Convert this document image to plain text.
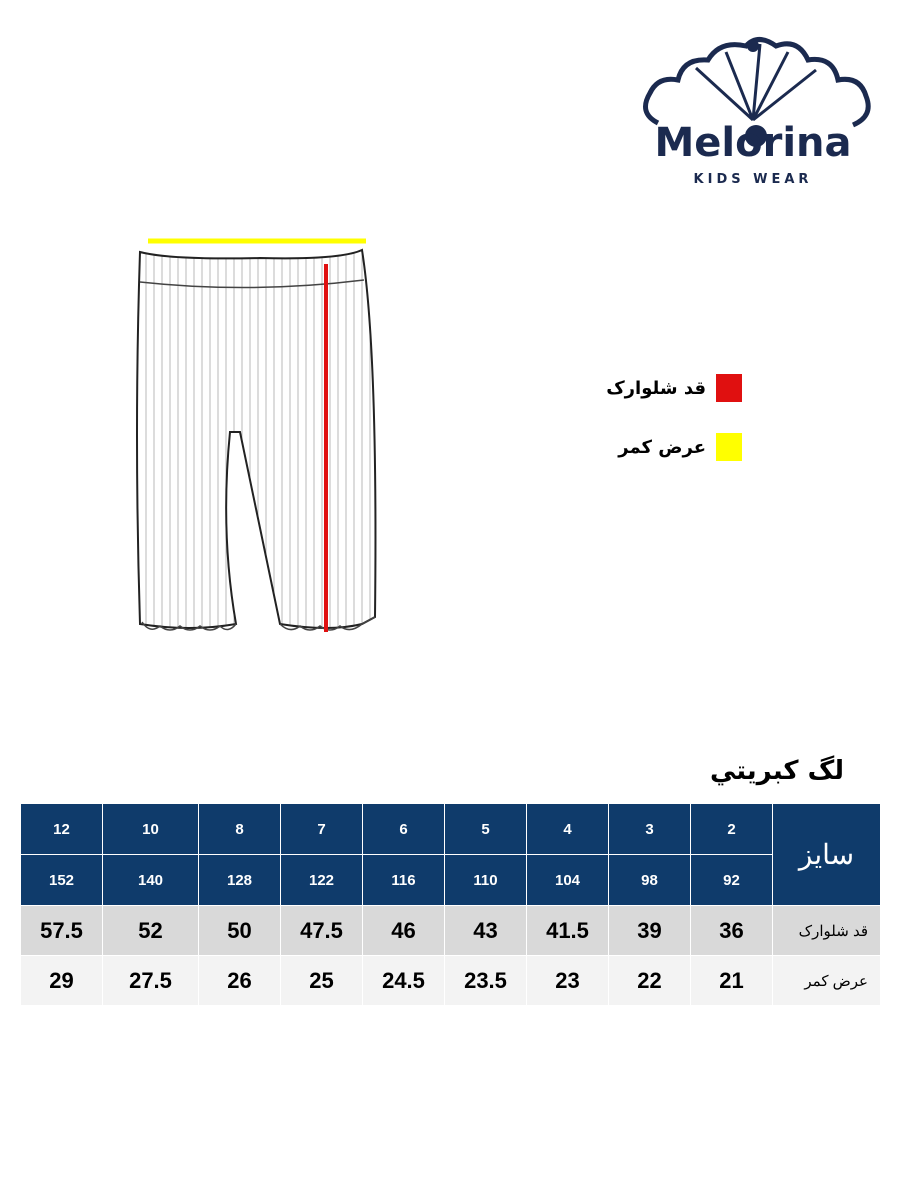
Melorina
KIDS WEAR
قد شلوارک
عرض کمر
لگ كبريتي
12	10	8	7	6	5	4	3	2	سایز
152	140	128	122	116	110	104	98	92	
57.5	52	50	47.5	46	43	41.5	39	36	قد شلوارک
29	27.5	26	25	24.5	23.5	23	22	21	عرض کمر
